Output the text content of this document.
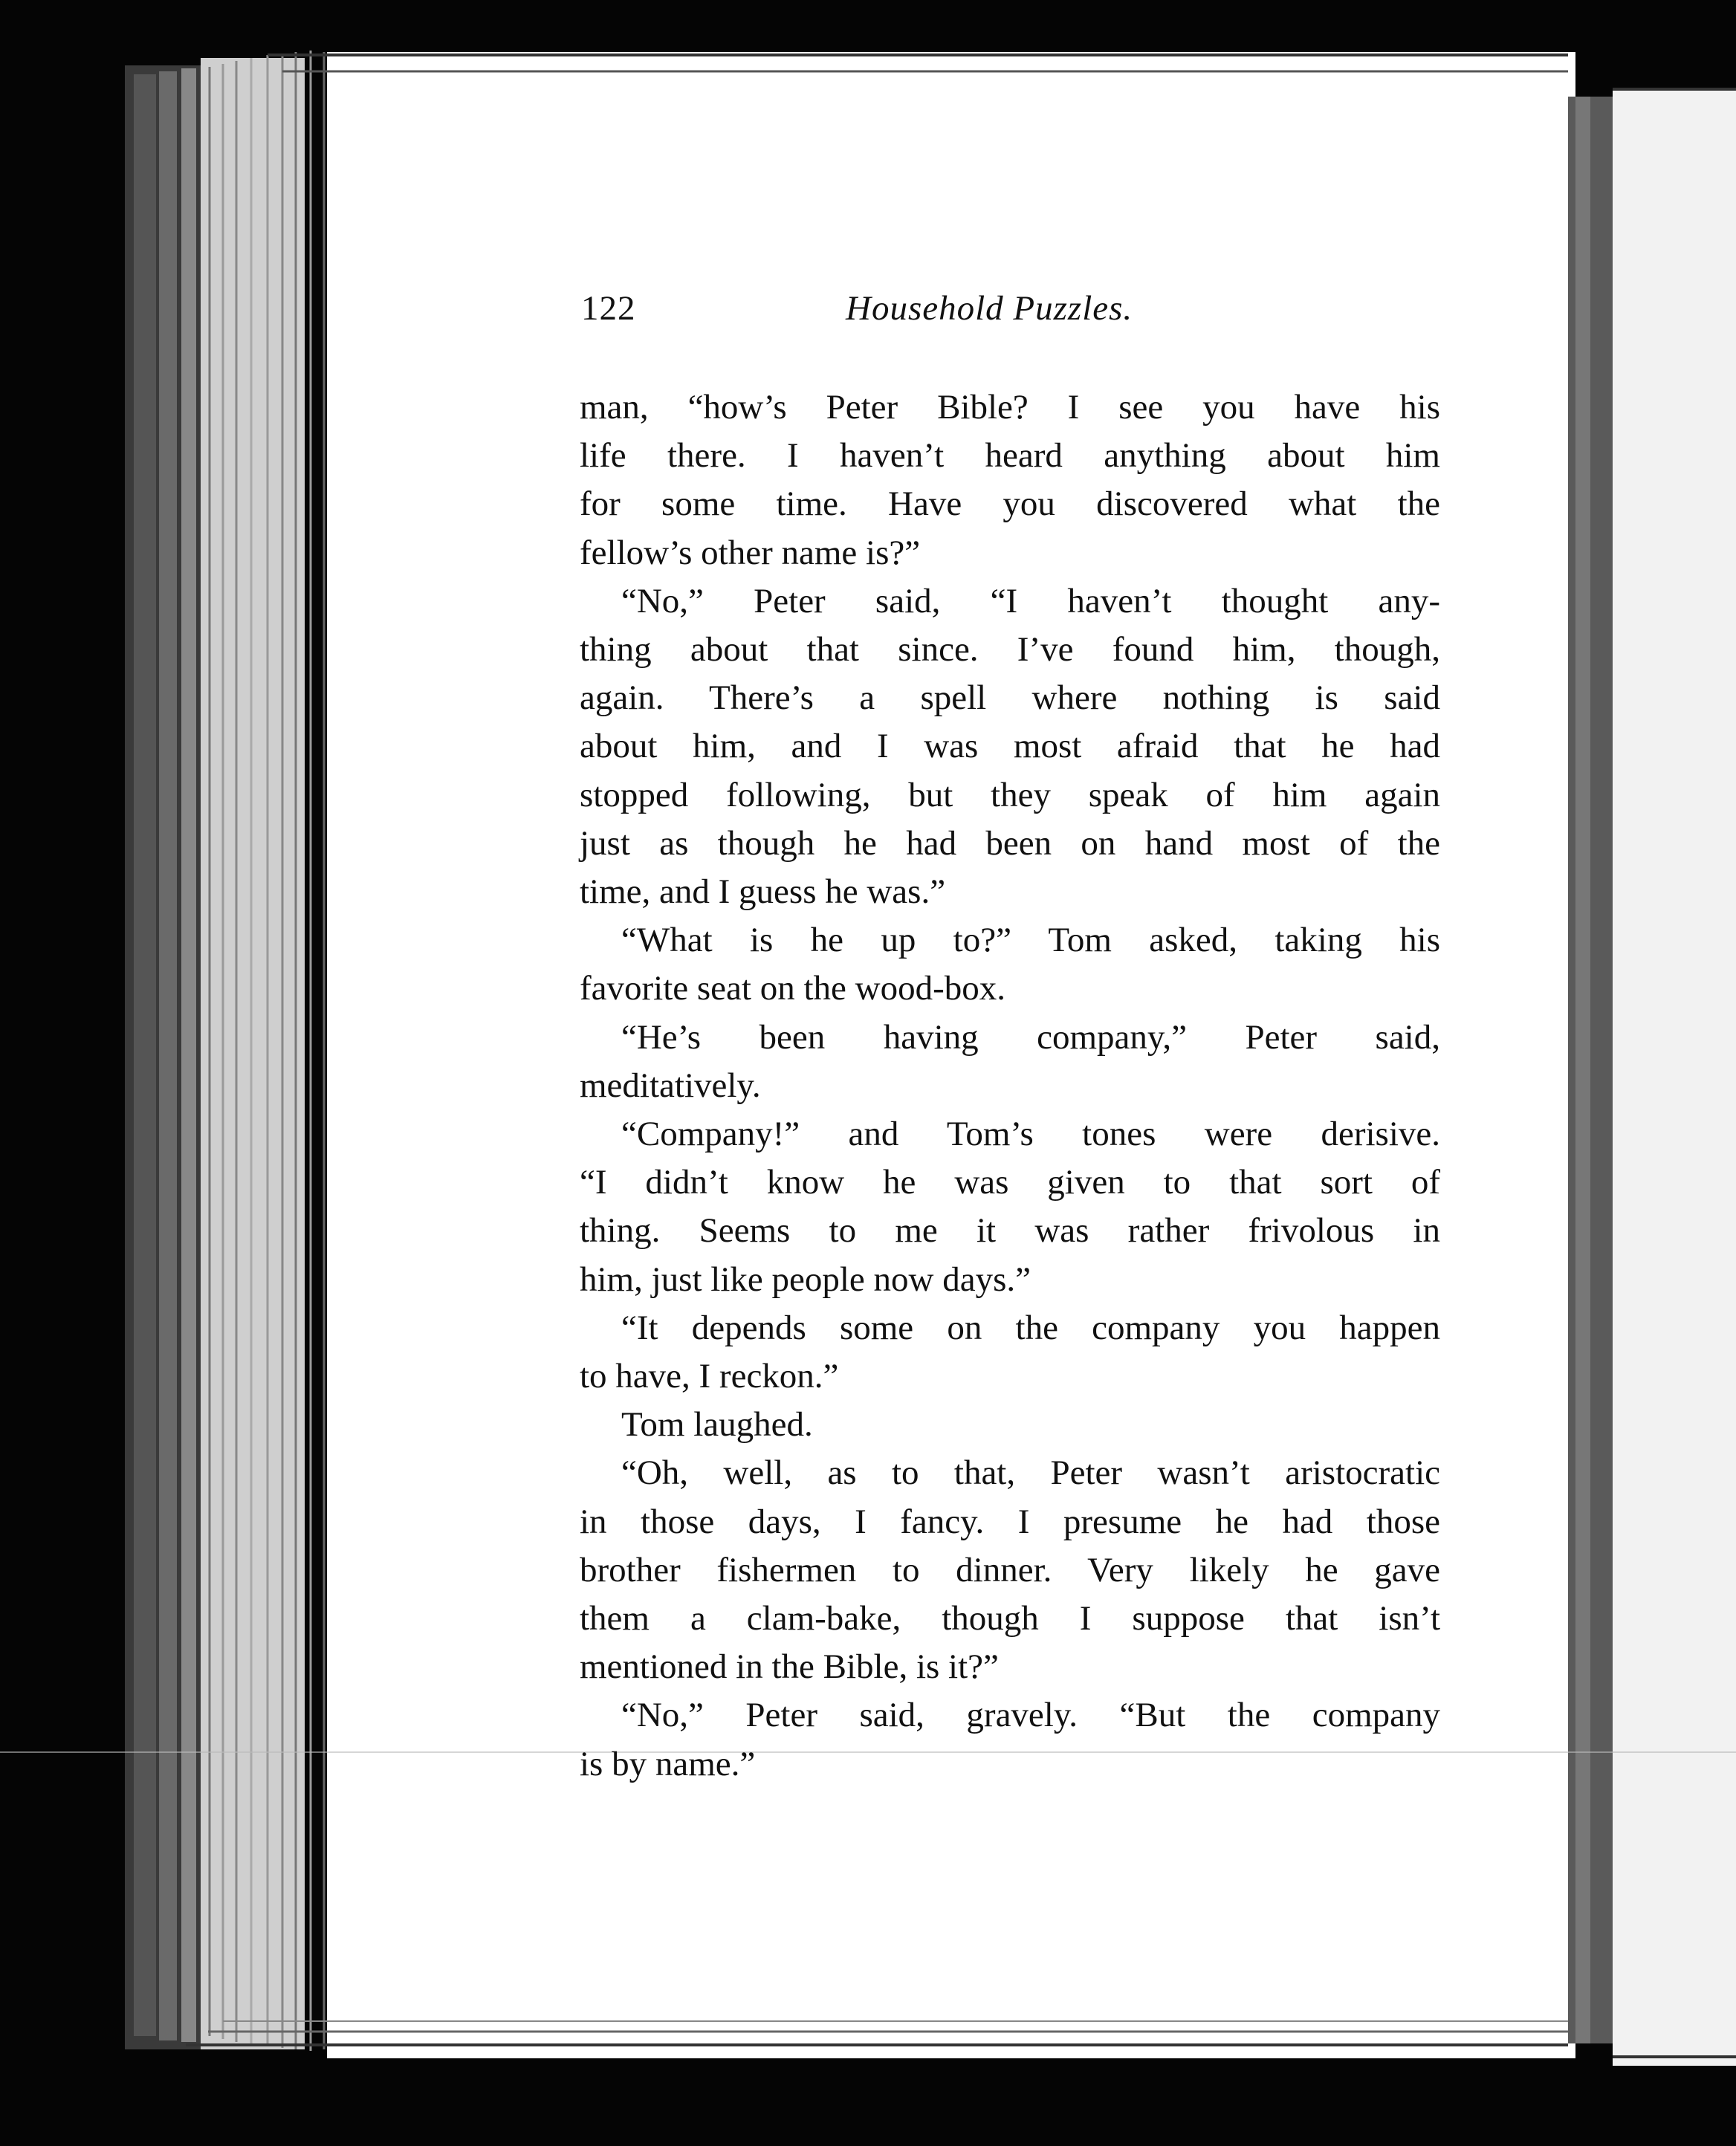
122	Household Puzzles.
man, “how’s Peter Bible? I see you have his
life there. I haven’t heard anything about him
for some time. Have you discovered what the
fellow’s other name is?”
“No,” Peter said, “I haven’t thought any-
thing about that since. I’ve found him, though,
again. There’s a spell where nothing is said
about him, and I was most afraid that he had
stopped following, but they speak of him again
just as though he had been on hand most of the
time, and I guess he was.”
“What is he up to?” Tom asked, taking his
favorite seat on the wood-box.
“He’s been having company,” Peter said,
meditatively.
“Company!” and Tom’s tones were derisive.
“I didn’t know he was given to that sort of
thing. Seems to me it was rather frivolous in
him, just like people now days.”
“It depends some on the company you happen
to have, I reckon.”
Tom laughed.
“Oh, well, as to that, Peter wasn’t aristocratic
in those days, I fancy. I presume he had those
brother fishermen to dinner. Very likely he gave
them a clam-bake, though I suppose that isn’t
mentioned in the Bible, is it?”
“No,” Peter said, gravely. “But the company
is by name.”
